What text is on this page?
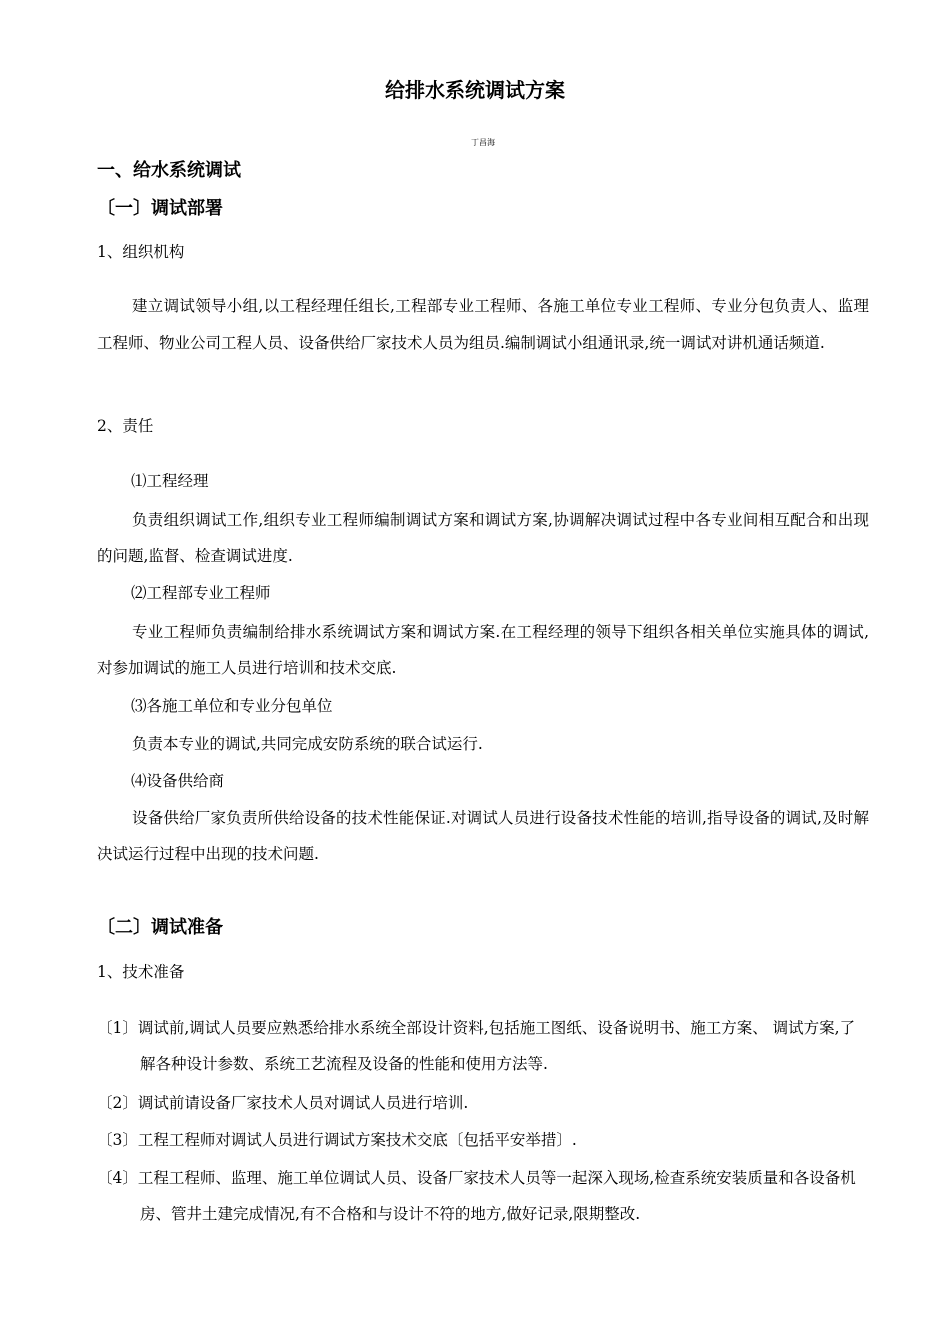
给排水系统调试方案
丁昌海
一、给水系统调试
〔一〕调试部署
1、组织机构
建立调试领导小组,以工程经理任组长,工程部专业工程师、各施工单位专业工程师、专业分包负责人、监理工程师、物业公司工程人员、设备供给厂家技术人员为组员.编制调试小组通讯录,统一调试对讲机通话频道.
2、责任
⑴工程经理
负责组织调试工作,组织专业工程师编制调试方案和调试方案,协调解决调试过程中各专业间相互配合和出现的问题,监督、检查调试进度.
⑵工程部专业工程师
专业工程师负责编制给排水系统调试方案和调试方案.在工程经理的领导下组织各相关单位实施具体的调试,对参加调试的施工人员进行培训和技术交底.
⑶各施工单位和专业分包单位
负责本专业的调试,共同完成安防系统的联合试运行.
⑷设备供给商
设备供给厂家负责所供给设备的技术性能保证.对调试人员进行设备技术性能的培训,指导设备的调试,及时解决试运行过程中出现的技术问题.
〔二〕调试准备
1、技术准备
〔1〕调试前,调试人员要应熟悉给排水系统全部设计资料,包括施工图纸、设备说明书、施工方案、 调试方案,了解各种设计参数、系统工艺流程及设备的性能和使用方法等.
〔2〕调试前请设备厂家技术人员对调试人员进行培训.
〔3〕工程工程师对调试人员进行调试方案技术交底〔包括平安举措〕.
〔4〕工程工程师、监理、施工单位调试人员、设备厂家技术人员等一起深入现场,检查系统安装质量和各设备机房、管井土建完成情况,有不合格和与设计不符的地方,做好记录,限期整改.
